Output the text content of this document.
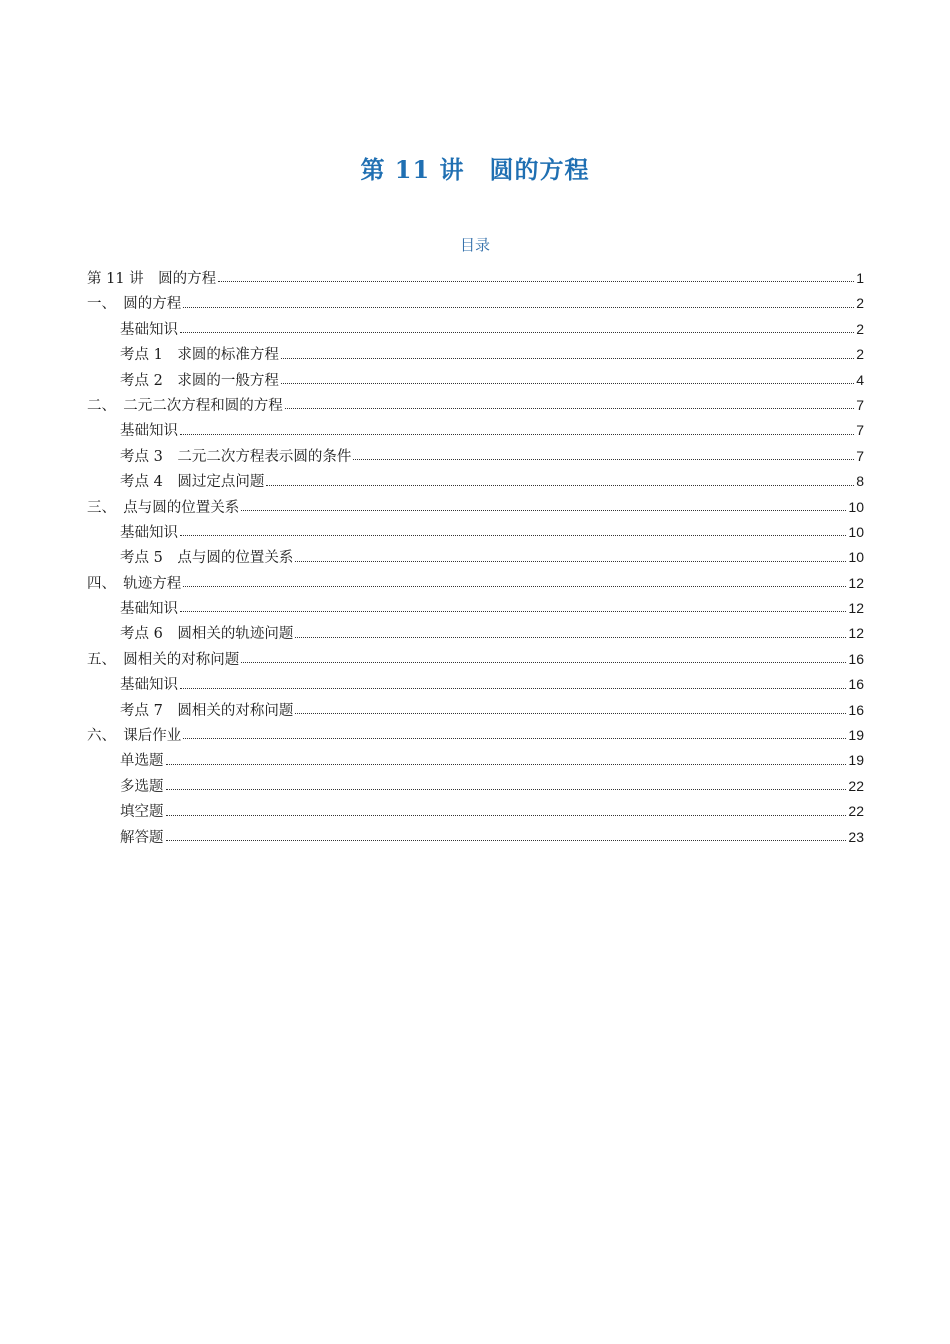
第 11 讲　圆的方程
目录
第 11 讲　圆的方程	1
一、　圆的方程	2
基础知识	2
考点 1　求圆的标准方程	2
考点 2　求圆的一般方程	4
二、　二元二次方程和圆的方程	7
基础知识	7
考点 3　二元二次方程表示圆的条件	7
考点 4　圆过定点问题	8
三、　点与圆的位置关系	10
基础知识	10
考点 5　点与圆的位置关系	10
四、　轨迹方程	12
基础知识	12
考点 6　圆相关的轨迹问题	12
五、　圆相关的对称问题	16
基础知识	16
考点 7　圆相关的对称问题	16
六、　课后作业	19
单选题	19
多选题	22
填空题	22
解答题	23
